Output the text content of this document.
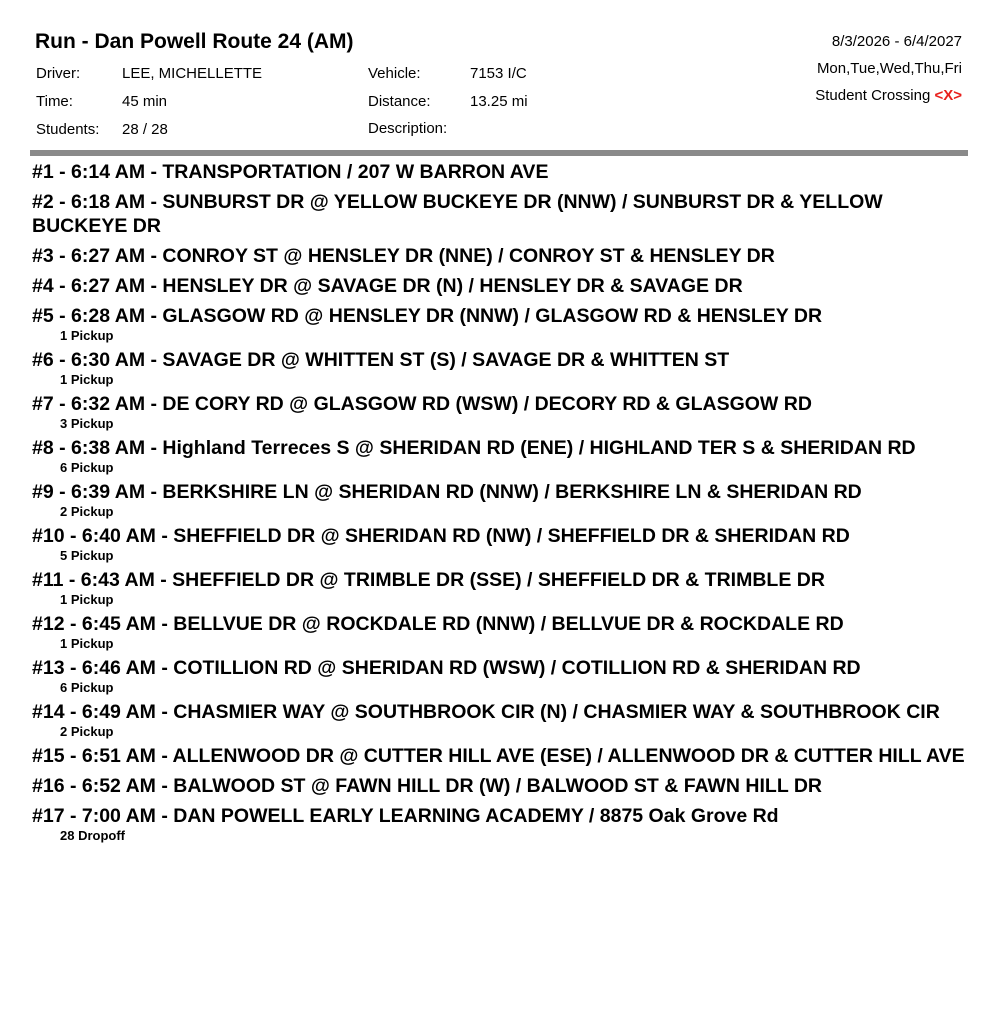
Run - Dan Powell Route 24 (AM)
Driver:	LEE, MICHELLETTE
Time:	45 min
Students: 28 / 28
Vehicle:	7153 I/C
Distance:	13.25 mi
Description:
8/3/2026 - 6/4/2027
Mon,Tue,Wed,Thu,Fri
Student Crossing <X>
#1 - 6:14 AM - TRANSPORTATION / 207 W BARRON AVE
#2 - 6:18 AM - SUNBURST DR @ YELLOW BUCKEYE DR (NNW) / SUNBURST DR & YELLOW BUCKEYE DR
#3 - 6:27 AM - CONROY ST @ HENSLEY DR (NNE) / CONROY ST & HENSLEY DR
#4 - 6:27 AM - HENSLEY DR @ SAVAGE DR (N) / HENSLEY DR & SAVAGE DR
#5 - 6:28 AM - GLASGOW RD @ HENSLEY DR (NNW) / GLASGOW RD & HENSLEY DR
1 Pickup
#6 - 6:30 AM - SAVAGE DR @ WHITTEN ST (S) / SAVAGE DR & WHITTEN ST
1 Pickup
#7 - 6:32 AM - DE CORY RD @ GLASGOW RD (WSW) / DECORY RD & GLASGOW RD
3 Pickup
#8 - 6:38 AM - Highland Terreces S @ SHERIDAN RD (ENE) / HIGHLAND TER S & SHERIDAN RD
6 Pickup
#9 - 6:39 AM - BERKSHIRE LN @ SHERIDAN RD (NNW) / BERKSHIRE LN & SHERIDAN RD
2 Pickup
#10 - 6:40 AM - SHEFFIELD DR @ SHERIDAN RD (NW) / SHEFFIELD DR & SHERIDAN RD
5 Pickup
#11 - 6:43 AM - SHEFFIELD DR @ TRIMBLE DR (SSE) / SHEFFIELD DR & TRIMBLE DR
1 Pickup
#12 - 6:45 AM - BELLVUE DR @ ROCKDALE RD (NNW) / BELLVUE DR & ROCKDALE RD
1 Pickup
#13 - 6:46 AM - COTILLION RD @ SHERIDAN RD (WSW) / COTILLION RD & SHERIDAN RD
6 Pickup
#14 - 6:49 AM - CHASMIER WAY @ SOUTHBROOK CIR (N) / CHASMIER WAY & SOUTHBROOK CIR
2 Pickup
#15 - 6:51 AM - ALLENWOOD DR @ CUTTER HILL AVE (ESE) / ALLENWOOD DR & CUTTER HILL AVE
#16 - 6:52 AM - BALWOOD ST @ FAWN HILL DR (W) / BALWOOD ST & FAWN HILL DR
#17 - 7:00 AM - DAN POWELL EARLY LEARNING ACADEMY / 8875 Oak Grove Rd
28 Dropoff
